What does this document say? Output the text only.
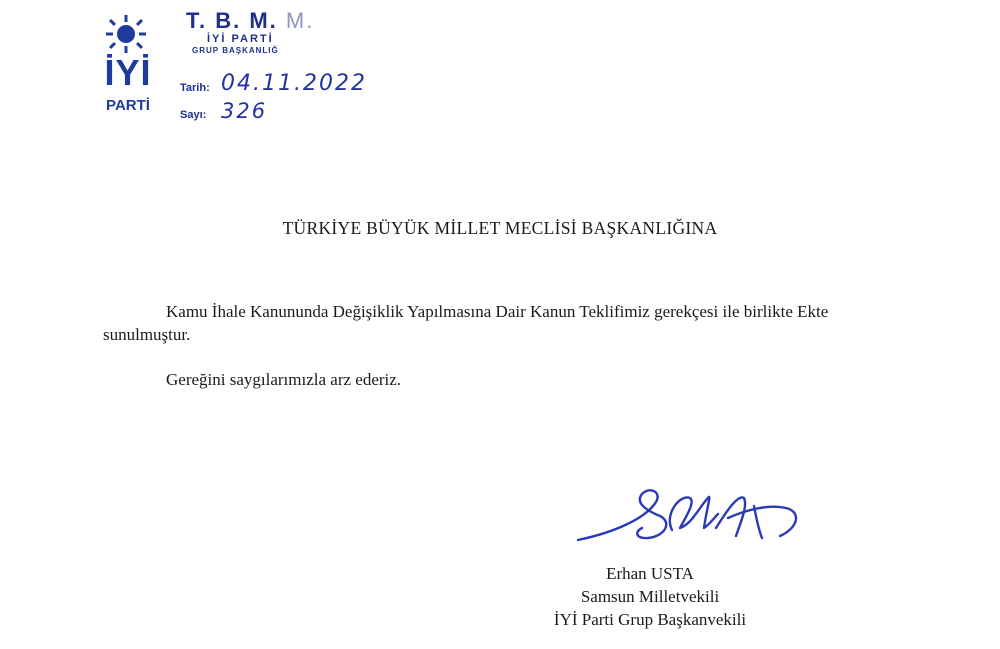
İYİ
PARTİ
T. B. M. M.
İYİ PARTİ
GRUP BAŞKANLIĞ
Tarih: 04.11.2022
Sayı: 326
TÜRKİYE BÜYÜK MİLLET MECLİSİ BAŞKANLIĞINA
Kamu İhale Kanununda Değişiklik Yapılmasına Dair Kanun Teklifimiz gerekçesi ile birlikte Ekte sunulmuştur.
Gereğini saygılarımızla arz ederiz.
Erhan USTA
Samsun Milletvekili
İYİ Parti Grup Başkanvekili
